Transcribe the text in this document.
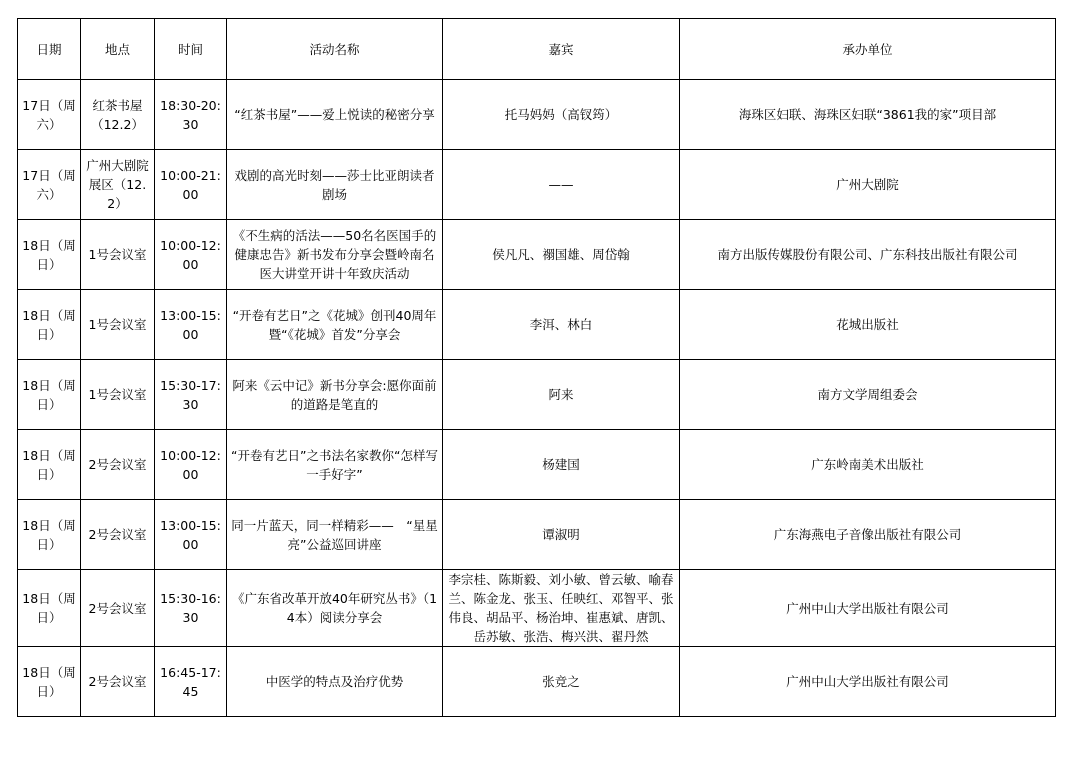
日期	地点	时间	活动名称	嘉宾	承办单位
17日（周六）	红茶书屋（12.2）	18:30-20:30	“红茶书屋”——爱上悦读的秘密分享	托马妈妈（高钗筠）	海珠区妇联、海珠区妇联“3861我的家”项目部
17日（周六）	广州大剧院展区（12.2）	10:00-21:00	戏剧的高光时刻——莎士比亚朗读者剧场	——	广州大剧院
18日（周日）	1号会议室	10:00-12:00	《不生病的活法——50名名医国手的健康忠告》新书发布分享会暨岭南名医大讲堂开讲十年致庆活动	侯凡凡、禤国雄、周岱翰	南方出版传媒股份有限公司、广东科技出版社有限公司
18日（周日）	1号会议室	13:00-15:00	“开卷有艺日”之《花城》创刊40周年暨“《花城》首发”分享会	李洱、林白	花城出版社
18日（周日）	1号会议室	15:30-17:30	阿来《云中记》新书分享会:愿你面前的道路是笔直的	阿来	南方文学周组委会
18日（周日）	2号会议室	10:00-12:00	“开卷有艺日”之书法名家教你“怎样写一手好字”	杨建国	广东岭南美术出版社
18日（周日）	2号会议室	13:00-15:00	同一片蓝天，同一样精彩——　“星星亮”公益巡回讲座	谭淑明	广东海燕电子音像出版社有限公司
18日（周日）	2号会议室	15:30-16:30	《广东省改革开放40年研究丛书》（14本）阅读分享会	李宗桂、陈斯毅、刘小敏、曾云敏、喻春兰、陈金龙、张玉、任映红、邓智平、张伟良、胡品平、杨治坤、崔惠斌、唐凯、岳苏敏、张浩、梅兴洪、翟丹然	广州中山大学出版社有限公司
18日（周日）	2号会议室	16:45-17:45	中医学的特点及治疗优势	张竞之	广州中山大学出版社有限公司
